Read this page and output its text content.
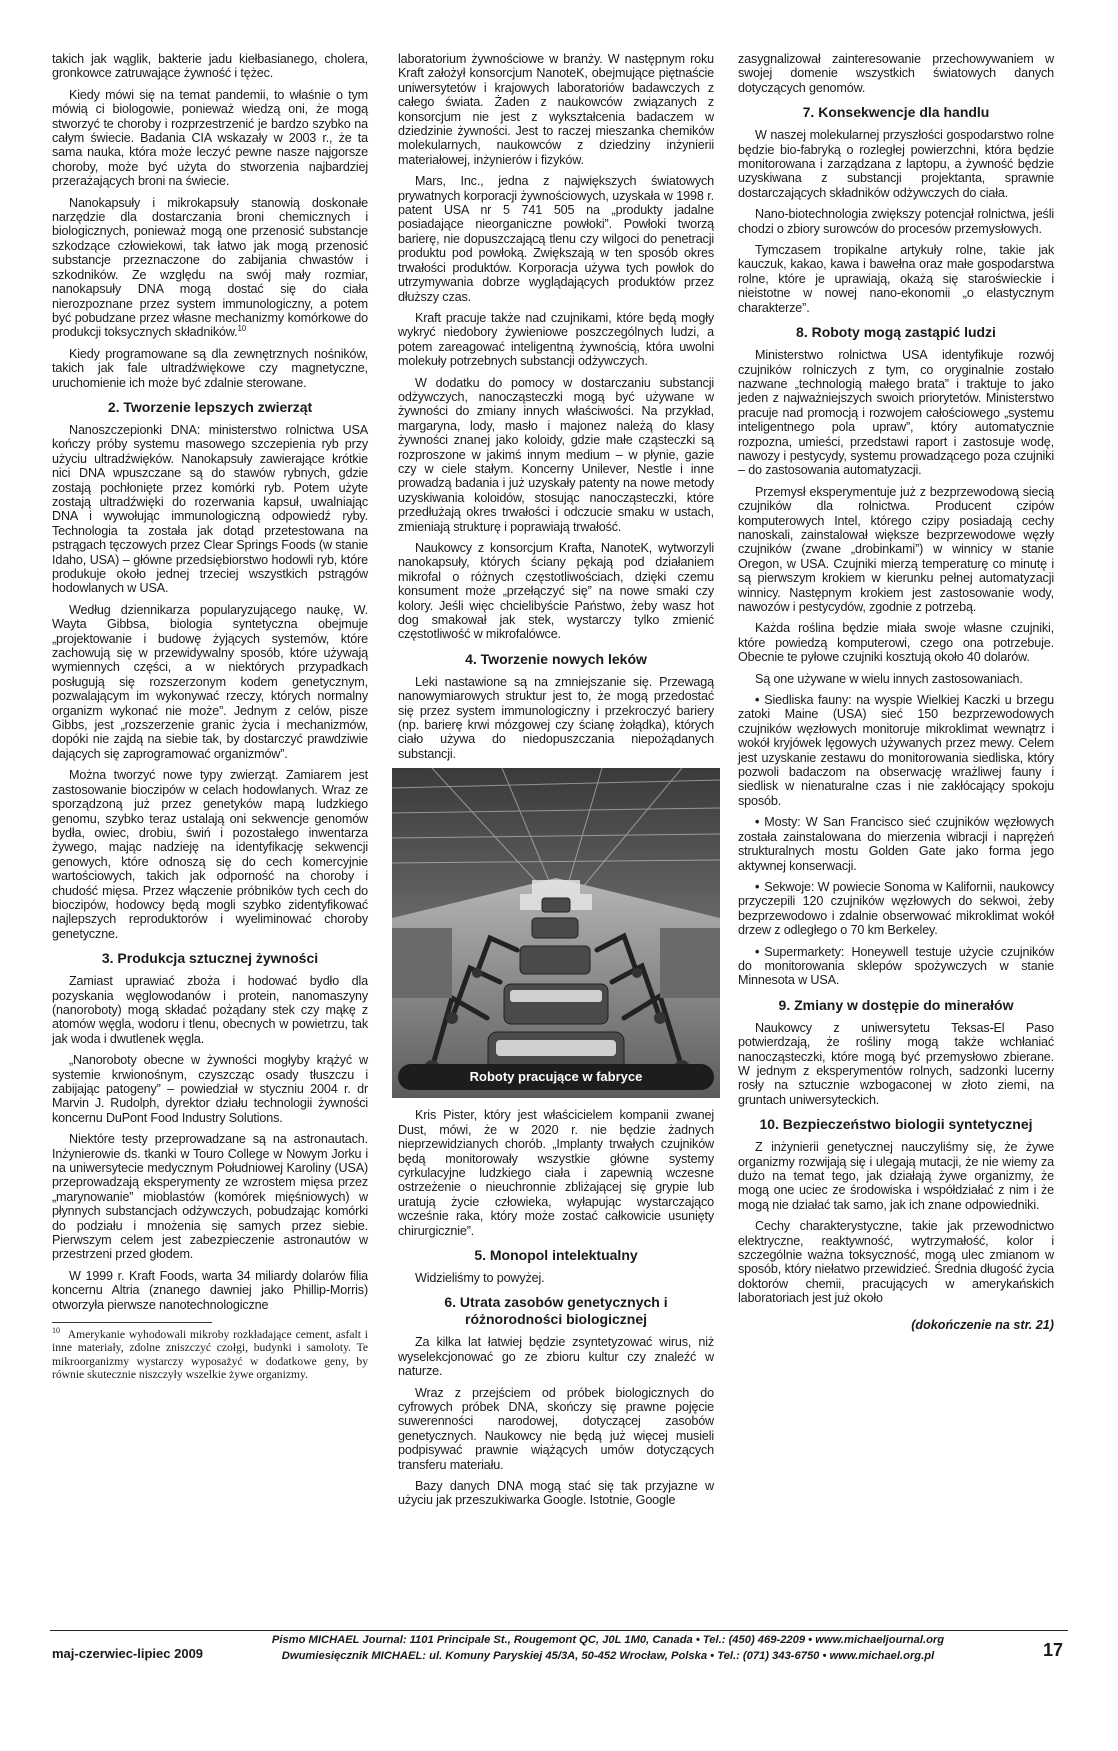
takich jak wąglik, bakterie jadu kiełbasianego, cholera, gronkowce zatruwające żywność i tężec.

Kiedy mówi się na temat pandemii, to właśnie o tym mówią ci biologowie, ponieważ wiedzą oni, że mogą stworzyć te choroby i rozprzestrzenić je bardzo szybko na całym świecie. Badania CIA wskazały w 2003 r., że ta sama nauka, która może leczyć pewne nasze najgorsze choroby, może być użyta do stworzenia najbardziej przerażających broni na świecie.

Nanokapsuły i mikrokapsuły stanowią doskonałe narzędzie dla dostarczania broni chemicznych i biologicznych, ponieważ mogą one przenosić substancje szkodzące człowiekowi, tak łatwo jak mogą przenosić substancje przeznaczone do zabijania chwastów i szkodników. Ze względu na swój mały rozmiar, nanokapsuły DNA mogą dostać się do ciała nierozpoznane przez system immunologiczny, a potem być pobudzane przez własne mechanizmy komórkowe do produkcji toksycznych składników.$^{10}$

Kiedy programowane są dla zewnętrznych nośników, takich jak fale ultradźwiękowe czy magnetyczne, uruchomienie ich może być zdalnie sterowane.

2. Tworzenie lepszych zwierząt

Nanoszczepionki DNA: ministerstwo rolnictwa USA kończy próby systemu masowego szczepienia ryb przy użyciu ultradźwięków. Nanokapsuły zawierające krótkie nici DNA wpuszczane są do stawów rybnych, gdzie zostają pochłonięte przez komórki ryb. Potem użyte zostają ultradźwięki do rozerwania kapsuł, uwalniając DNA i wywołując immunologiczną odpowiedź ryby. Technologia ta została jak dotąd przetestowana na pstrągach tęczowych przez Clear Springs Foods (w stanie Idaho, USA) – główne przedsiębiorstwo hodowli ryb, które produkuje około jednej trzeciej wszystkich pstrągów hodowlanych w USA.

Według dziennikarza popularyzującego naukę, W. Wayta Gibbsa, biologia syntetyczna obejmuje „projektowanie i budowę żyjących systemów, które zachowują się w przewidywalny sposób, które używają wymiennych części, a w niektórych przypadkach posługują się rozszerzonym kodem genetycznym, pozwalającym im wykonywać rzeczy, których normalny organizm wykonać nie może”. Jednym z celów, pisze Gibbs, jest „rozszerzenie granic życia i mechanizmów, dopóki nie zajdą na siebie tak, by dostarczyć prawdziwie dających się zaprogramować organizmów”.

Można tworzyć nowe typy zwierząt. Zamiarem jest zastosowanie bioczipów w celach hodowlanych. Wraz ze sporządzoną już przez genetyków mapą ludzkiego genomu, szybko teraz ustalają oni sekwencje genomów bydła, owiec, drobiu, świń i pozostałego inwentarza żywego, mając nadzieję na identyfikację sekwencji genowych, które odnoszą się do cech komercyjnie wartościowych, takich jak odporność na choroby i chudość mięsa. Przez włączenie próbników tych cech do bioczipów, hodowcy będą mogli szybko zidentyfikować najlepszych reproduktorów i wyeliminować choroby genetyczne.

3. Produkcja sztucznej żywności

Zamiast uprawiać zboża i hodować bydło dla pozyskania węglowodanów i protein, nanomaszyny (nanoroboty) mogą składać pożądany stek czy mąkę z atomów węgla, wodoru i tlenu, obecnych w powietrzu, tak jak woda i dwutlenek węgla.

„Nanoroboty obecne w żywności mogłyby krążyć w systemie krwionośnym, czyszcząc osady tłuszczu i zabijając patogeny” – powiedział w styczniu 2004 r. dr Marvin J. Rudolph, dyrektor działu technologii żywności koncernu DuPont Food Industry Solutions.

Niektóre testy przeprowadzane są na astronautach. Inżynierowie ds. tkanki w Touro College w Nowym Jorku i na uniwersytecie medycznym Południowej Karoliny (USA) przeprowadzają eksperymenty ze wzrostem mięsa przez „marynowanie” mioblastów (komórek mięśniowych) w płynnych substancjach odżywczych, pobudzając komórki do podziału i mnożenia się samych przez siebie. Pierwszym celem jest zabezpieczenie astronautów w przestrzeni przed głodem.

W 1999 r. Kraft Foods, warta 34 miliardy dolarów filia koncernu Altria (znanego dawniej jako Phillip-Morris) otworzyła pierwsze nanotechnologiczne

$^{10}$ Amerykanie wyhodowali mikroby rozkładające cement, asfalt i inne materiały, zdolne zniszczyć czołgi, budynki i samoloty. Te mikroorganizmy wystarczy wyposażyć w dodatkowe geny, by równie skutecznie niszczyły wszelkie żywe organizmy.

laboratorium żywnościowe w branży. W następnym roku Kraft założył konsorcjum NanoteK, obejmujące piętnaście uniwersytetów i krajowych laboratoriów badawczych z całego świata. Żaden z naukowców związanych z konsorcjum nie jest z wykształcenia badaczem w dziedzinie żywności. Jest to raczej mieszanka chemików molekularnych, naukowców z dziedziny inżynierii materiałowej, inżynierów i fizyków.

Mars, Inc., jedna z największych światowych prywatnych korporacji żywnościowych, uzyskała w 1998 r. patent USA nr 5 741 505 na „produkty jadalne posiadające nieorganiczne powłoki”. Powłoki tworzą barierę, nie dopuszczającą tlenu czy wilgoci do penetracji produktu pod powłoką. Zwiększają w ten sposób okres trwałości produktów. Korporacja używa tych powłok do utrzymywania dobrze wyglądających produktów przez dłuższy czas.

Kraft pracuje także nad czujnikami, które będą mogły wykryć niedobory żywieniowe poszczególnych ludzi, a potem zareagować inteligentną żywnością, która uwolni molekuły potrzebnych substancji odżywczych.

W dodatku do pomocy w dostarczaniu substancji odżywczych, nanocząsteczki mogą być używane w żywności do zmiany innych właściwości. Na przykład, margaryna, lody, masło i majonez należą do klasy żywności znanej jako koloidy, gdzie małe cząsteczki są rozproszone w jakimś innym medium – w płynie, gazie czy w ciele stałym. Koncerny Unilever, Nestle i inne prowadzą badania i już uzyskały patenty na nowe metody uzyskiwania koloidów, stosując nanocząsteczki, które przedłużają okres trwałości i odczucie smaku w ustach, zmieniają strukturę i poprawiają trwałość.

Naukowcy z konsorcjum Krafta, NanoteK, wytworzyli nanokapsuły, których ściany pękają pod działaniem mikrofal o różnych częstotliwościach, dzięki czemu konsument może „przełączyć się” na nowe smaki czy kolory. Jeśli więc chcielibyście Państwo, żeby wasz hot dog smakował jak stek, wystarczy tylko zmienić częstotliwość w mikrofalówce.

4. Tworzenie nowych leków

Leki nastawione są na zmniejszanie się. Przewagą nanowymiarowych struktur jest to, że mogą przedostać się przez system immunologiczny i przekroczyć bariery (np. barierę krwi mózgowej czy ścianę żołądka), których ciało używa do niedopuszczania niepożądanych substancji.

Roboty pracujące w fabryce

Kris Pister, który jest właścicielem kompanii zwanej Dust, mówi, że w 2020 r. nie będzie żadnych nieprzewidzianych chorób. „Implanty trwałych czujników będą monitorowały wszystkie główne systemy cyrkulacyjne ludzkiego ciała i zapewnią wczesne ostrzeżenie o nieuchronnie zbliżającej się grypie lub uratują życie człowieka, wyłapując wystarczająco wcześnie raka, który może zostać całkowicie usunięty chirurgicznie”.

5. Monopol intelektualny

Widzieliśmy to powyżej.

6. Utrata zasobów genetycznych i
różnorodności biologicznej

Za kilka lat łatwiej będzie zsyntetyzować wirus, niż wyselekcjonować go ze zbioru kultur czy znaleźć w naturze.

Wraz z przejściem od próbek biologicznych do cyfrowych próbek DNA, skończy się prawne pojęcie suwerenności narodowej, dotyczącej zasobów genetycznych. Naukowcy nie będą już więcej musieli podpisywać prawnie wiążących umów dotyczących transferu materiału.

Bazy danych DNA mogą stać się tak przyjazne w użyciu jak przeszukiwarka Google. Istotnie, Google

zasygnalizował zainteresowanie przechowywaniem w swojej domenie wszystkich światowych danych dotyczących genomów.

7. Konsekwencje dla handlu

W naszej molekularnej przyszłości gospodarstwo rolne będzie bio-fabryką o rozległej powierzchni, która będzie monitorowana i zarządzana z laptopu, a żywność będzie uzyskiwana z substancji projektanta, sprawnie dostarczających składników odżywczych do ciała.

Nano-biotechnologia zwiększy potencjał rolnictwa, jeśli chodzi o zbiory surowców do procesów przemysłowych.

Tymczasem tropikalne artykuły rolne, takie jak kauczuk, kakao, kawa i bawełna oraz małe gospodarstwa rolne, które je uprawiają, okażą się staroświeckie i nieistotne w nowej nano-ekonomii „o elastycznym charakterze”.

8. Roboty mogą zastąpić ludzi

Ministerstwo rolnictwa USA identyfikuje rozwój czujników rolniczych z tym, co oryginalnie zostało nazwane „technologią małego brata” i traktuje to jako jeden z najważniejszych swoich priorytetów. Ministerstwo pracuje nad promocją i rozwojem całościowego „systemu inteligentnego pola upraw”, który automatycznie rozpozna, umieści, przedstawi raport i zastosuje wodę, nawozy i pestycydy, systemu prowadzącego poza czujniki – do zastosowania automatyzacji.

Przemysł eksperymentuje już z bezprzewodową siecią czujników dla rolnictwa. Producent czipów komputerowych Intel, którego czipy posiadają cechy nanoskali, zainstalował większe bezprzewodowe węzły czujników (zwane „drobinkami”) w winnicy w stanie Oregon, w USA. Czujniki mierzą temperaturę co minutę i są pierwszym krokiem w kierunku pełnej automatyzacji winnicy. Następnym krokiem jest zastosowanie wody, nawozów i pestycydów, zgodnie z potrzebą.

Każda roślina będzie miała swoje własne czujniki, które powiedzą komputerowi, czego ona potrzebuje. Obecnie te pyłowe czujniki kosztują około 40 dolarów.

Są one używane w wielu innych zastosowaniach.

• Siedliska fauny: na wyspie Wielkiej Kaczki u brzegu zatoki Maine (USA) sieć 150 bezprzewodowych czujników węzłowych monitoruje mikroklimat wewnątrz i wokół kryjówek lęgowych używanych przez mewy. Celem jest uzyskanie zestawu do monitorowania siedliska, który pozwoli badaczom na obserwację wrażliwej fauny i siedlisk w nienaturalne czas i nie zakłócający spokoju sposób.

• Mosty: W San Francisco sieć czujników węzłowych została zainstalowana do mierzenia wibracji i naprężeń strukturalnych mostu Golden Gate jako forma jego aktywnej konserwacji.

• Sekwoje: W powiecie Sonoma w Kalifornii, naukowcy przyczepili 120 czujników węzłowych do sekwoi, żeby bezprzewodowo i zdalnie obserwować mikroklimat wokół drzew z odległego o 70 km Berkeley.

• Supermarkety: Honeywell testuje użycie czujników do monitorowania sklepów spożywczych w stanie Minnesota w USA.

9. Zmiany w dostępie do minerałów

Naukowcy z uniwersytetu Teksas-El Paso potwierdzają, że rośliny mogą także wchłaniać nanocząsteczki, które mogą być przemysłowo zbierane. W jednym z eksperymentów rolnych, sadzonki lucerny rosły na sztucznie wzbogaconej w złoto ziemi, na gruntach uniwersyteckich.

10. Bezpieczeństwo biologii syntetycznej

Z inżynierii genetycznej nauczyliśmy się, że żywe organizmy rozwijają się i ulegają mutacji, że nie wiemy za dużo na temat tego, jak działają żywe organizmy, że mogą one uciec ze środowiska i współdziałać z nim i że mogą nie działać tak samo, jak ich znane odpowiedniki.

Cechy charakterystyczne, takie jak przewodnictwo elektryczne, reaktywność, wytrzymałość, kolor i szczególnie ważna toksyczność, mogą ulec zmianom w sposób, który niełatwo przewidzieć. Średnia długość życia doktorów chemii, pracujących w amerykańskich laboratoriach jest już około

(dokończenie na str. 21)

maj-czerwiec-lipiec 2009
Pismo MICHAEL Journal: 1101 Principale St., Rougemont QC, J0L 1M0, Canada • Tel.: (450) 469-2209 • www.michaeljournal.org
Dwumiesięcznik MICHAEL: ul. Komuny Paryskiej 45/3A, 50-452 Wrocław, Polska • Tel.: (071) 343-6750 • www.michael.org.pl	17
